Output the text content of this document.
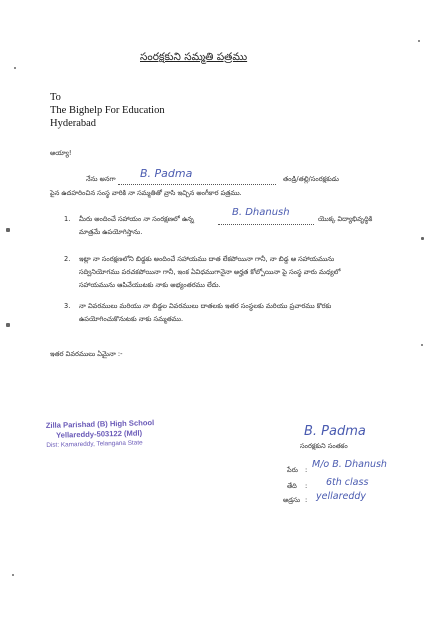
సంరక్షకుని సమ్మతి పత్రము
To
The Bighelp For Education
Hyderabad
అయ్యా!
నేను అనగా B. Padma	తండ్రి/తల్లి/సంరక్షకుడు
పైన ఉదహరించిన సంస్థ వారికి నా సమ్మతితో వ్రాసి ఇచ్చిన అంగీకార పత్రము.
1. మీరు అందించే సహాయం నా సంరక్షణలో ఉన్న
B. Dhanush
యొక్క విద్యాభివృద్ధికి
మాత్రమే ఉపయోగిస్తాను.
2. ఇట్లా నా సంరక్షణలోని బిడ్డకు అందించే సహాయము దాత లేకపోయినా గానీ, నా బిడ్డ ఆ సహాయమును
సద్వినియోగము పరచకపోయినా గానీ, ఇంక ఏవిధముగానైనా అర్హత కోల్పోయినా పై సంస్థ వారు మధ్యలో
సహాయమును ఆపివేయుటకు నాకు అభ్యంతరము లేదు.
3. నా వివరములు మరియు నా బిడ్డల వివరములు దాతలకు ఇతర సంస్థలకు మరియు ప్రచారము కొరకు
ఉపయోగించుకొనుటకు నాకు సమ్మతము.
ఇతర వివరములు ఏమైనా :-
Zilla Parishad (B) High School
Yellareddy-503122 (Mdl)
Dist: Kamareddy, Telangana State
B. Padma
సంరక్షకుని సంతకం
పేరు : M/o B. Dhanush
తేది : 6th class
అడ్రసు : yellareddy
